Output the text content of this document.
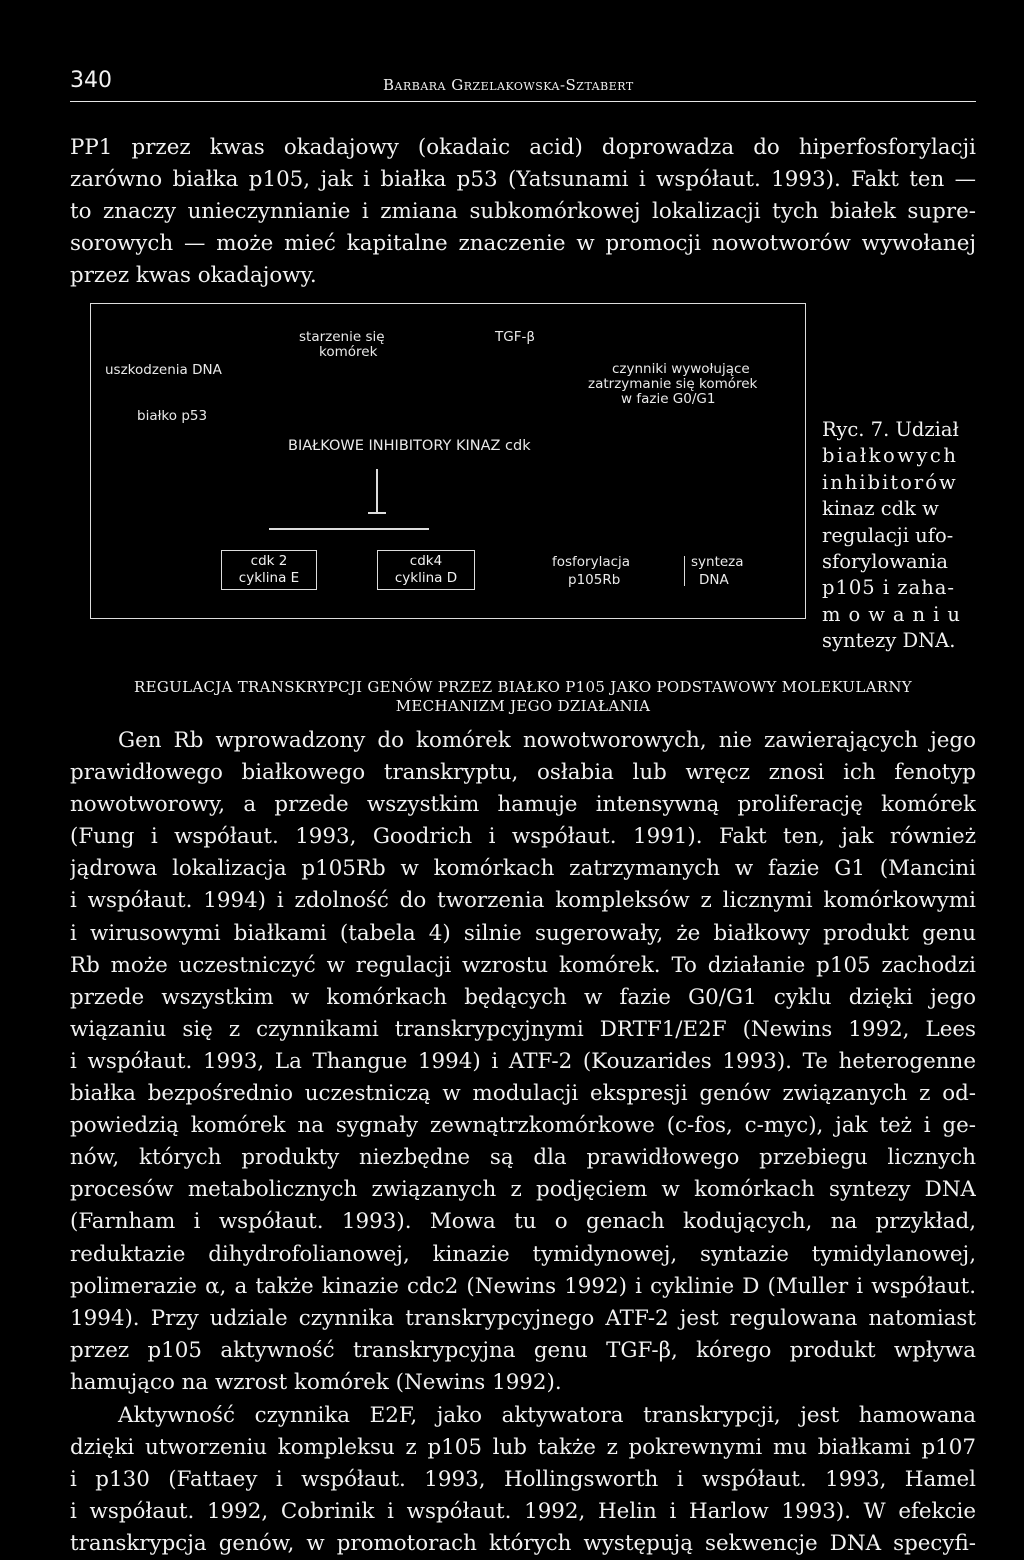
340	Barbara Grzelakowska-Sztabert
PP1 przez kwas okadajowy (okadaic acid) doprowadza do hiperfosforylacji
zarówno białka p105, jak i białka p53 (Yatsunami i współaut. 1993). Fakt ten —
to znaczy unieczynnianie i zmiana subkomórkowej lokalizacji tych białek supre-
sorowych — może mieć kapitalne znaczenie w promocji nowotworów wywołanej
przez kwas okadajowy.
uszkodzenia DNA
białko p53
starzenie się
komórek
TGF-β
czynniki wywołujące
zatrzymanie się komórek
w fazie G0/G1
BIAŁKOWE INHIBITORY KINAZ cdk
cdk 2
cyklina E
cdk4
cyklina D
fosforylacja
p105Rb
synteza
DNA
Ryc. 7. Udział
białkowych
inhibitorów
kinaz cdk w
regulacji ufo-
sforylowania
p105 i zaha-
mowaniu
syntezy DNA.
REGULACJA TRANSKRYPCJI GENÓW PRZEZ BIAŁKO P105 JAKO PODSTAWOWY MOLEKULARNY
MECHANIZM JEGO DZIAŁANIA
Gen Rb wprowadzony do komórek nowotworowych, nie zawierających jego
prawidłowego białkowego transkryptu, osłabia lub wręcz znosi ich fenotyp
nowotworowy, a przede wszystkim hamuje intensywną proliferację komórek
(Fung i współaut. 1993, Goodrich i współaut. 1991). Fakt ten, jak również
jądrowa lokalizacja p105Rb w komórkach zatrzymanych w fazie G1 (Mancini
i współaut. 1994) i zdolność do tworzenia kompleksów z licznymi komórkowymi
i wirusowymi białkami (tabela 4) silnie sugerowały, że białkowy produkt genu
Rb może uczestniczyć w regulacji wzrostu komórek. To działanie p105 zachodzi
przede wszystkim w komórkach będących w fazie G0/G1 cyklu dzięki jego
wiązaniu się z czynnikami transkrypcyjnymi DRTF1/E2F (Newins 1992, Lees
i współaut. 1993, La Thangue 1994) i ATF-2 (Kouzarides 1993). Te heterogenne
białka bezpośrednio uczestniczą w modulacji ekspresji genów związanych z od-
powiedzią komórek na sygnały zewnątrzkomórkowe (c-fos, c-myc), jak też i ge-
nów, których produkty niezbędne są dla prawidłowego przebiegu licznych
procesów metabolicznych związanych z podjęciem w komórkach syntezy DNA
(Farnham i współaut. 1993). Mowa tu o genach kodujących, na przykład,
reduktazie dihydrofolianowej, kinazie tymidynowej, syntazie tymidylanowej,
polimerazie α, a także kinazie cdc2 (Newins 1992) i cyklinie D (Muller i współaut.
1994). Przy udziale czynnika transkrypcyjnego ATF-2 jest regulowana natomiast
przez p105 aktywność transkrypcyjna genu TGF-β, kórego produkt wpływa
hamująco na wzrost komórek (Newins 1992).
Aktywność czynnika E2F, jako aktywatora transkrypcji, jest hamowana
dzięki utworzeniu kompleksu z p105 lub także z pokrewnymi mu białkami p107
i p130 (Fattaey i współaut. 1993, Hollingsworth i współaut. 1993, Hamel
i współaut. 1992, Cobrinik i współaut. 1992, Helin i Harlow 1993). W efekcie
transkrypcja genów, w promotorach których występują sekwencje DNA specyfi-
